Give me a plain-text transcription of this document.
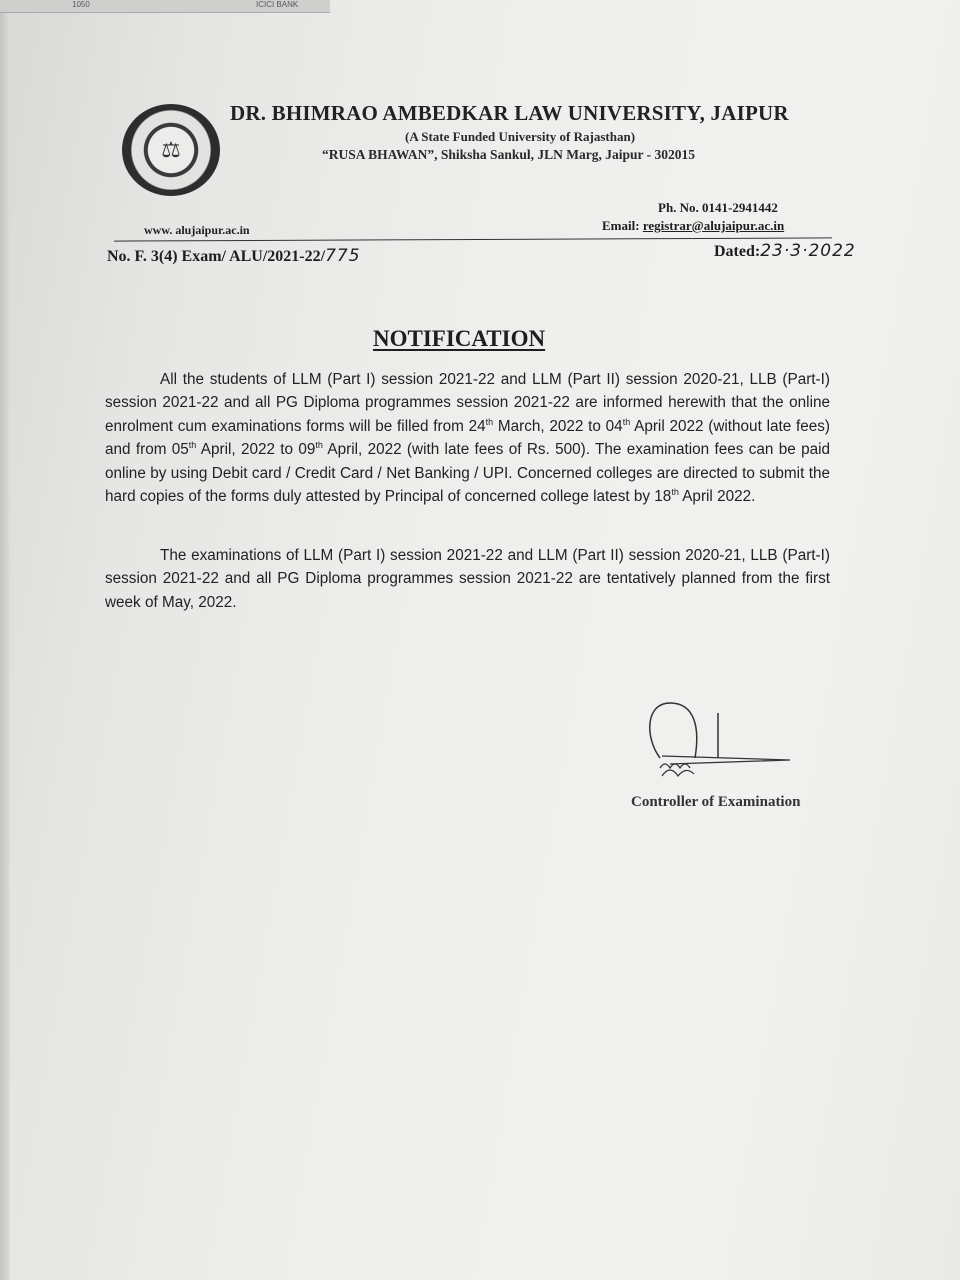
1050	ICICI BANK
⚖
DR. BHIMRAO AMBEDKAR LAW UNIVERSITY, JAIPUR
(A State Funded University of Rajasthan)
“RUSA BHAWAN”, Shiksha Sankul, JLN Marg, Jaipur - 302015
Ph. No. 0141-2941442
www. alujaipur.ac.in	Email: registrar@alujaipur.ac.in
No. F. 3(4) Exam/ ALU/2021-22/775	Dated:23·3·2022
NOTIFICATION
All the students of LLM (Part I) session 2021-22 and LLM (Part II) session 2020-21, LLB (Part-I) session 2021-22 and all PG Diploma programmes session 2021-22 are informed herewith that the online enrolment cum examinations forms will be filled from 24th March, 2022 to 04th April 2022 (without late fees) and from 05th April, 2022 to 09th April, 2022 (with late fees of Rs. 500). The examination fees can be paid online by using Debit card / Credit Card / Net Banking / UPI. Concerned colleges are directed to submit the hard copies of the forms duly attested by Principal of concerned college latest by 18th April 2022.
The examinations of LLM (Part I) session 2021-22 and LLM (Part II) session 2020-21, LLB (Part-I) session 2021-22 and all PG Diploma programmes session 2021-22 are tentatively planned from the first week of May, 2022.
Controller of Examination
